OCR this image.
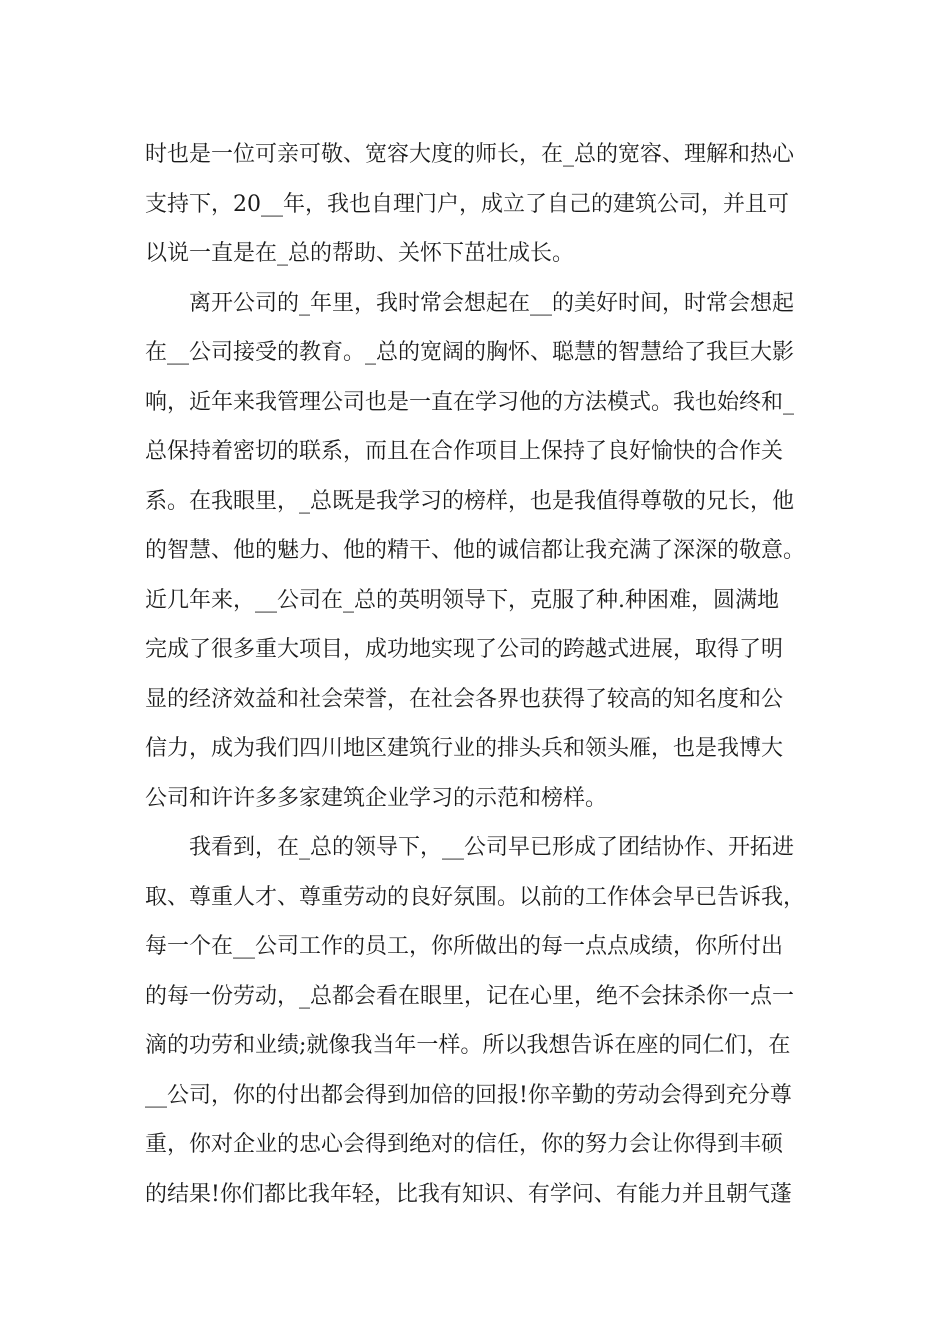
时也是一位可亲可敬、宽容大度的师长，在_总的宽容、理解和热心
支持下，20__年，我也自理门户，成立了自己的建筑公司，并且可
以说一直是在_总的帮助、关怀下茁壮成长。
离开公司的_年里，我时常会想起在__的美好时间，时常会想起
在__公司接受的教育。_总的宽阔的胸怀、聪慧的智慧给了我巨大影
响，近年来我管理公司也是一直在学习他的方法模式。我也始终和_
总保持着密切的联系，而且在合作项目上保持了良好愉快的合作关
系。在我眼里，_总既是我学习的榜样，也是我值得尊敬的兄长，他
的智慧、他的魅力、他的精干、他的诚信都让我充满了深深的敬意。
近几年来，__公司在_总的英明领导下，克服了种.种困难，圆满地
完成了很多重大项目，成功地实现了公司的跨越式进展，取得了明
显的经济效益和社会荣誉，在社会各界也获得了较高的知名度和公
信力，成为我们四川地区建筑行业的排头兵和领头雁，也是我博大
公司和许许多多家建筑企业学习的示范和榜样。
我看到，在_总的领导下，__公司早已形成了团结协作、开拓进
取、尊重人才、尊重劳动的良好氛围。以前的工作体会早已告诉我，
每一个在__公司工作的员工，你所做出的每一点点成绩，你所付出
的每一份劳动，_总都会看在眼里，记在心里，绝不会抹杀你一点一
滴的功劳和业绩;就像我当年一样。所以我想告诉在座的同仁们，在
__公司，你的付出都会得到加倍的回报!你辛勤的劳动会得到充分尊
重，你对企业的忠心会得到绝对的信任，你的努力会让你得到丰硕
的结果!你们都比我年轻，比我有知识、有学问、有能力并且朝气蓬
